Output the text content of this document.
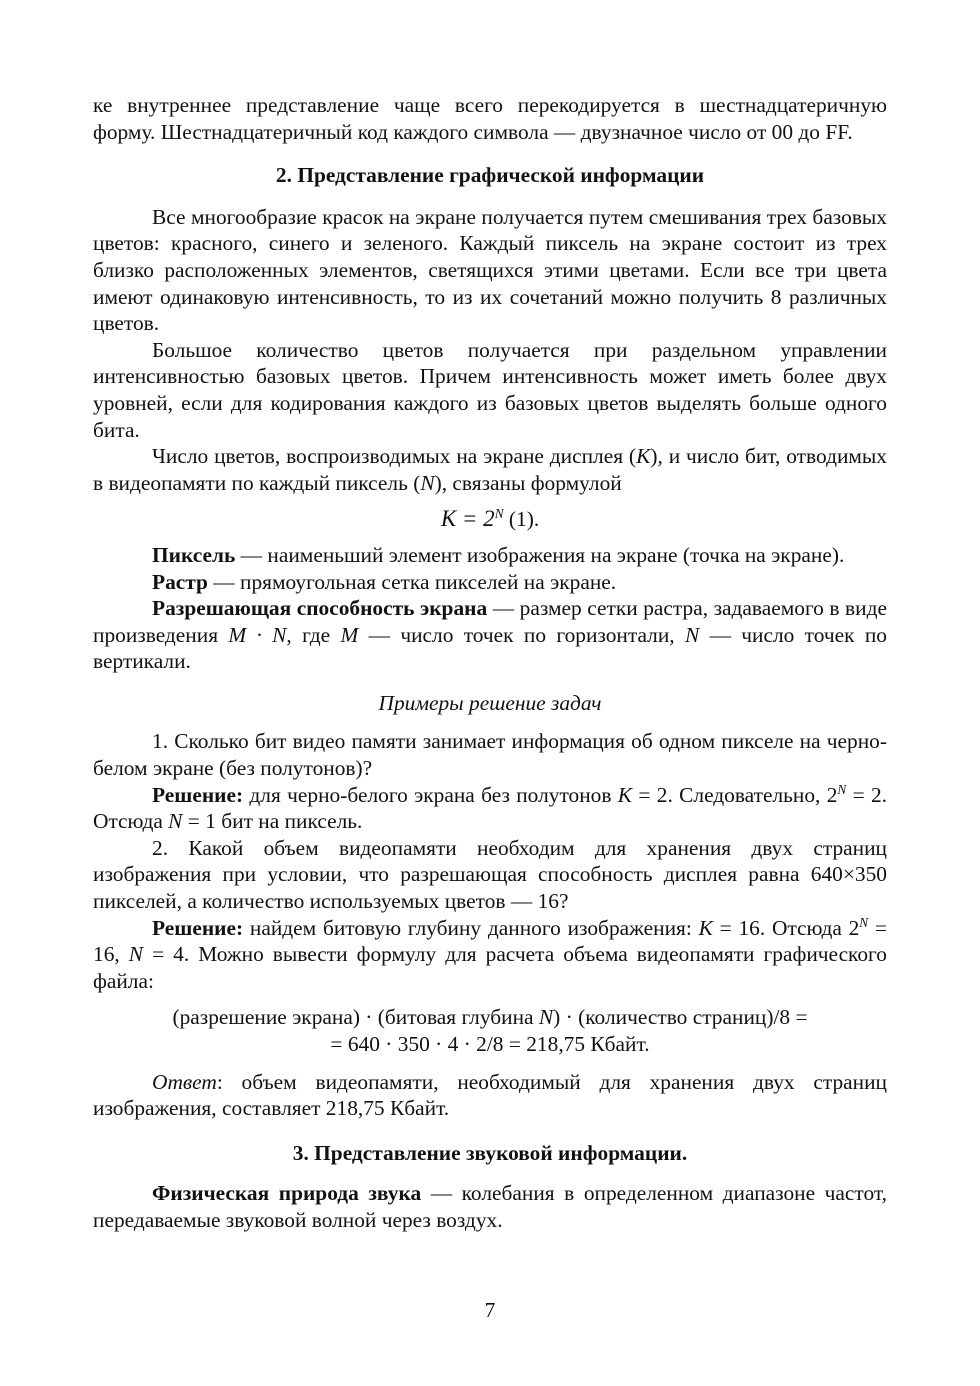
ке внутреннее представление чаще всего перекодируется в шестнадцатеричную форму. Шестнадцатеричный код каждого символа — двузначное число от 00 до FF.

2. Представление графической информации

Все многообразие красок на экране получается путем смешивания трех базовых цветов: красного, синего и зеленого. Каждый пиксель на экране состоит из трех близко расположенных элементов, светящихся этими цветами. Если все три цвета имеют одинаковую интенсивность, то из их сочетаний можно получить 8 различных цветов.

Большое количество цветов получается при раздельном управлении интенсивностью базовых цветов. Причем интенсивность может иметь более двух уровней, если для кодирования каждого из базовых цветов выделять больше одного бита.

Число цветов, воспроизводимых на экране дисплея (K), и число бит, отводимых в видеопамяти по каждый пиксель (N), связаны формулой

$K = 2^N$ (1).

Пиксель — наименьший элемент изображения на экране (точка на экране).

Растр — прямоугольная сетка пикселей на экране.

Разрешающая способность экрана — размер сетки растра, задаваемого в виде произведения M · N, где M — число точек по горизонтали, N — число точек по вертикали.

Примеры решение задач

1. Сколько бит видео памяти занимает информация об одном пикселе на черно-белом экране (без полутонов)?

Решение: для черно-белого экрана без полутонов K = 2. Следовательно, $2^N = 2$. Отсюда N = 1 бит на пиксель.

2. Какой объем видеопамяти необходим для хранения двух страниц изображения при условии, что разрешающая способность дисплея равна 640×350 пикселей, а количество используемых цветов — 16?

Решение: найдем битовую глубину данного изображения: K = 16. Отсюда $2^N = 16$, N = 4. Можно вывести формулу для расчета объема видеопамяти графического файла:

(разрешение экрана) · (битовая глубина N) · (количество страниц)/8 =

= 640 · 350 · 4 · 2/8 = 218,75 Кбайт.

Ответ: объем видеопамяти, необходимый для хранения двух страниц изображения, составляет 218,75 Кбайт.

3. Представление звуковой информации.

Физическая природа звука — колебания в определенном диапазоне частот, передаваемые звуковой волной через воздух.

7
